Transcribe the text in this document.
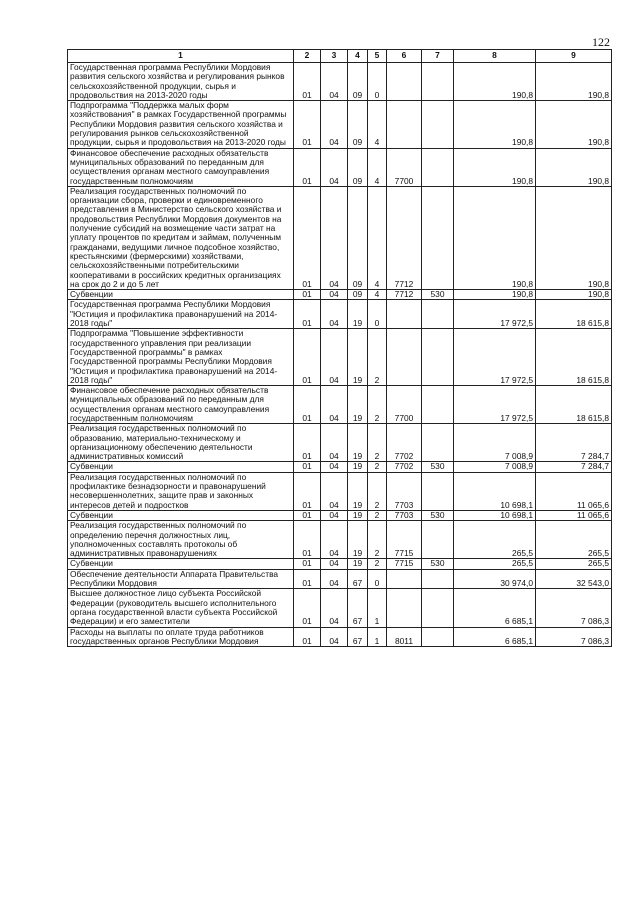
122
1	2	3	4	5	6	7	8	9
Государственная программа Республики Мордовия развития сельского хозяйства и регулирования рынков сельскохозяйственной продукции, сырья и продовольствия на 2013-2020 годы	01	04	09	0			190,8	190,8
Подпрограмма "Поддержка малых форм хозяйствования" в рамках Государственной программы Республики Мордовия развития сельского хозяйства и регулирования рынков сельскохозяйственной продукции, сырья и продовольствия на 2013-2020 годы	01	04	09	4			190,8	190,8
Финансовое обеспечение расходных обязательств муниципальных образований по переданным для осуществления органам местного самоуправления государственным полномочиям	01	04	09	4	7700		190,8	190,8
Реализация государственных полномочий по организации сбора, проверки и единовременного представления в Министерство сельского хозяйства и продовольствия Республики Мордовия документов на получение субсидий на возмещение части затрат на уплату процентов по кредитам и займам, полученным гражданами, ведущими личное подсобное хозяйство, крестьянскими (фермерскими) хозяйствами, сельскохозяйственными потребительскими кооперативами в российских кредитных организациях на срок до 2 и до 5 лет	01	04	09	4	7712		190,8	190,8
Субвенции	01	04	09	4	7712	530	190,8	190,8
Государственная программа Республики Мордовия "Юстиция и профилактика правонарушений на 2014-2018 годы"	01	04	19	0			17 972,5	18 615,8
Подпрограмма "Повышение эффективности государственного управления при реализации Государственной программы" в рамках Государственной программы Республики Мордовия "Юстиция и профилактика правонарушений на 2014-2018 годы"	01	04	19	2			17 972,5	18 615,8
Финансовое обеспечение расходных обязательств муниципальных образований по переданным для осуществления органам местного самоуправления государственным полномочиям	01	04	19	2	7700		17 972,5	18 615,8
Реализация государственных полномочий по образованию, материально-техническому и организационному обеспечению деятельности административных комиссий	01	04	19	2	7702		7 008,9	7 284,7
Субвенции	01	04	19	2	7702	530	7 008,9	7 284,7
Реализация государственных полномочий по профилактике безнадзорности и правонарушений несовершеннолетних, защите прав и законных интересов детей и подростков	01	04	19	2	7703		10 698,1	11 065,6
Субвенции	01	04	19	2	7703	530	10 698,1	11 065,6
Реализация государственных полномочий по определению перечня должностных лиц, уполномоченных составлять протоколы об административных правонарушениях	01	04	19	2	7715		265,5	265,5
Субвенции	01	04	19	2	7715	530	265,5	265,5
Обеспечение деятельности Аппарата Правительства Республики Мордовия	01	04	67	0			30 974,0	32 543,0
Высшее должностное лицо субъекта Российской Федерации (руководитель высшего исполнительного органа государственной власти субъекта Российской Федерации) и его заместители	01	04	67	1			6 685,1	7 086,3
Расходы на выплаты по оплате труда работников государственных органов Республики Мордовия	01	04	67	1	8011		6 685,1	7 086,3
